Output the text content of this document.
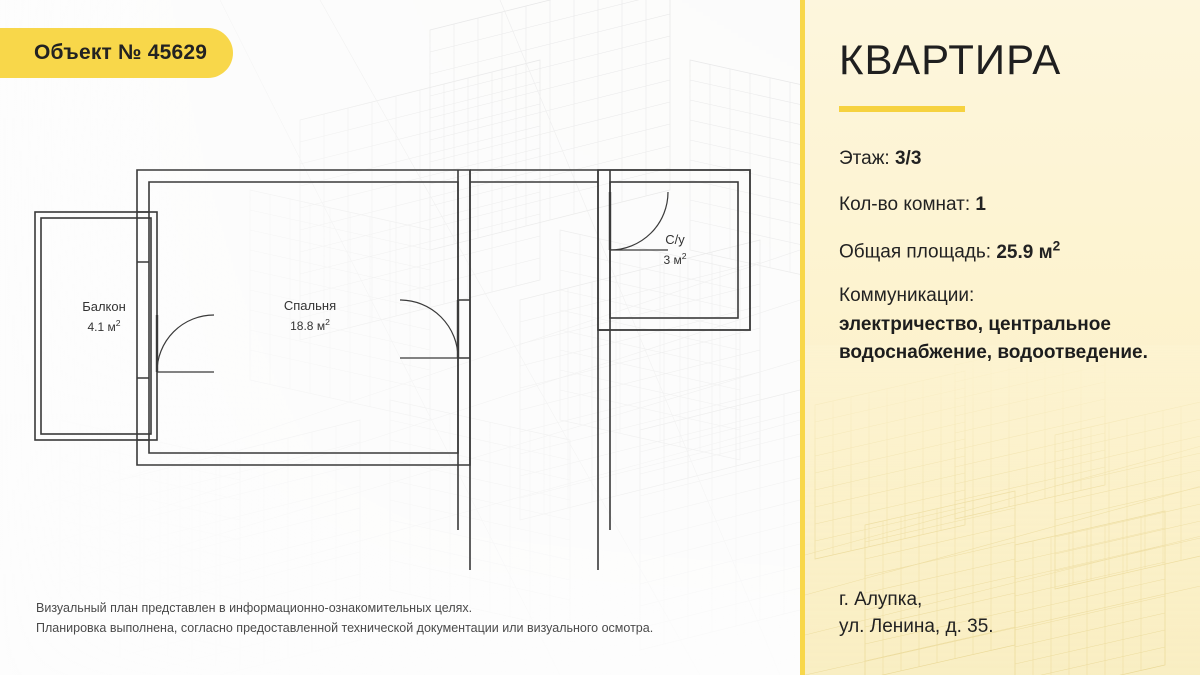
Объект № 45629
Балкон
4.1 $м^2$
Спальня
18.8 $м^2$
С/у
3 $м^2$
Визуальный план представлен в информационно-ознакомительных целях.
Планировка выполнена, согласно предоставленной технической документации или визуального осмотра.
КВАРТИРА
Этаж: 3/3
Кол-во комнат: 1
Общая площадь: 25.9 $м^2$
Коммуникации:
электричество, центральное водоснабжение, водоотведение.
г. Алупка,
ул. Ленина, д. 35.
